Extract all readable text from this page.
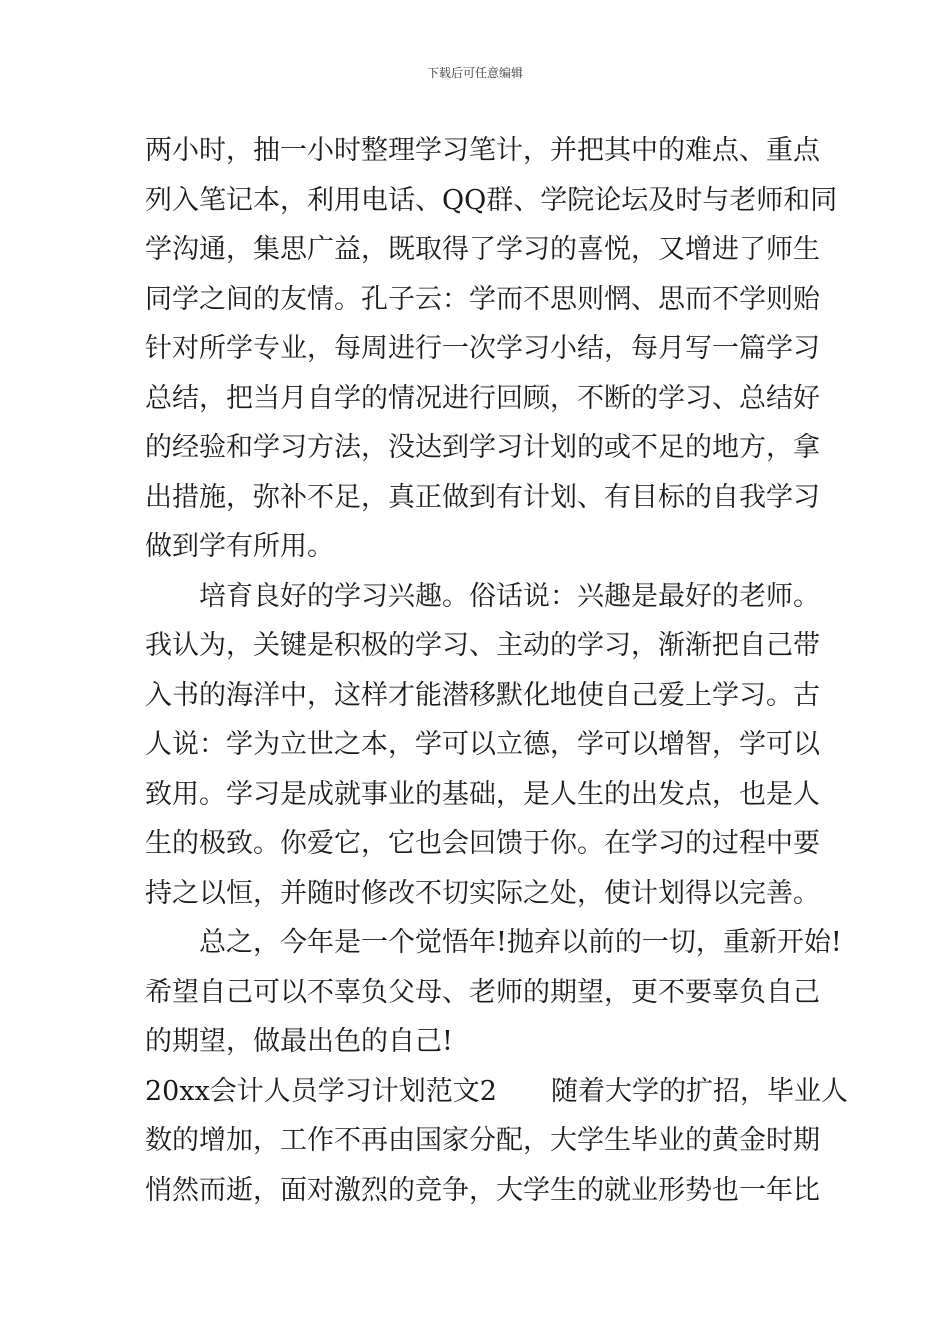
下载后可任意编辑
两小时，抽一小时整理学习笔计，并把其中的难点、重点
列入笔记本，利用电话、QQ群、学院论坛及时与老师和同
学沟通，集思广益，既取得了学习的喜悦，又增进了师生
同学之间的友情。孔子云：学而不思则惘、思而不学则贻
针对所学专业，每周进行一次学习小结，每月写一篇学习
总结，把当月自学的情况进行回顾，不断的学习、总结好
的经验和学习方法，没达到学习计划的或不足的地方，拿
出措施，弥补不足，真正做到有计划、有目标的自我学习
做到学有所用。
培育良好的学习兴趣。俗话说：兴趣是最好的老师。
我认为，关键是积极的学习、主动的学习，渐渐把自己带
入书的海洋中，这样才能潜移默化地使自己爱上学习。古
人说：学为立世之本，学可以立德，学可以增智，学可以
致用。学习是成就事业的基础，是人生的出发点，也是人
生的极致。你爱它，它也会回馈于你。在学习的过程中要
持之以恒，并随时修改不切实际之处，使计划得以完善。
总之，今年是一个觉悟年!抛弃以前的一切，重新开始!
希望自己可以不辜负父母、老师的期望，更不要辜负自己
的期望，做最出色的自己!
20xx会计人员学习计划范文2　　随着大学的扩招，毕业人
数的增加，工作不再由国家分配，大学生毕业的黄金时期
悄然而逝，面对激烈的竞争，大学生的就业形势也一年比
